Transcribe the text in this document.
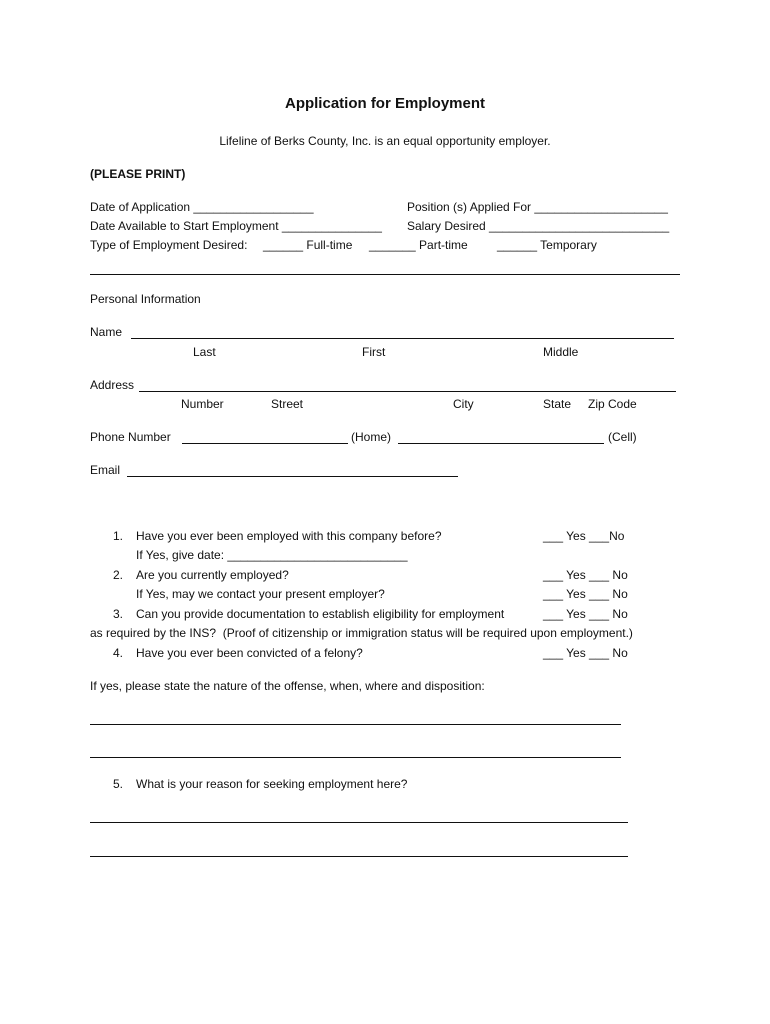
Application for Employment
Lifeline of Berks County, Inc. is an equal opportunity employer.
(PLEASE PRINT)
Date of Application __________________	Position (s) Applied For ____________________
Date Available to Start Employment _______________ Salary Desired ___________________________
Type of Employment Desired: ______ Full-time _______ Part-time ______ Temporary
Personal Information
Name
Last	First	Middle
Address
Number	Street	City	State Zip Code
Phone Number	(Home)	(Cell)
Email
1. Have you ever been employed with this company before?	___ Yes ___No
If Yes, give date: ___________________________
2. Are you currently employed?	___ Yes ___ No
If Yes, may we contact your present employer?	___ Yes ___ No
3. Can you provide documentation to establish eligibility for employment	___ Yes ___ No
as required by the INS?  (Proof of citizenship or immigration status will be required upon employment.)
4. Have you ever been convicted of a felony?	___ Yes ___ No
If yes, please state the nature of the offense, when, where and disposition:
5. What is your reason for seeking employment here?
